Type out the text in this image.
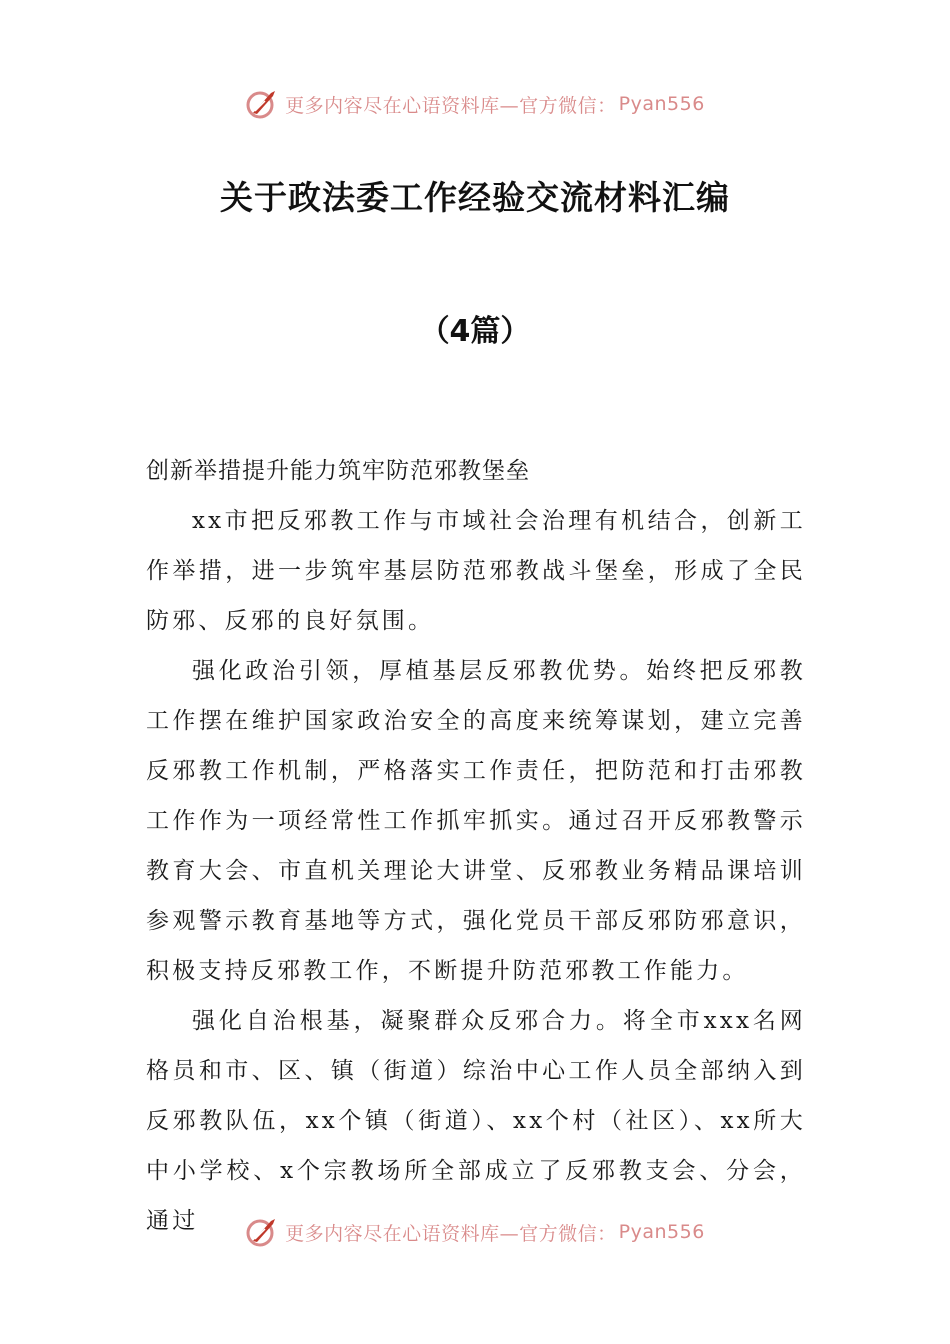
更多内容尽在心语资料库—官方微信： Pyan556
关于政法委工作经验交流材料汇编
（4篇）

创新举措提升能力筑牢防范邪教堡垒

xx市把反邪教工作与市域社会治理有机结合，创新工作举措，进一步筑牢基层防范邪教战斗堡垒，形成了全民防邪、反邪的良好氛围。

强化政治引领，厚植基层反邪教优势。始终把反邪教工作摆在维护国家政治安全的高度来统筹谋划，建立完善反邪教工作机制，严格落实工作责任，把防范和打击邪教工作作为一项经常性工作抓牢抓实。通过召开反邪教警示教育大会、市直机关理论大讲堂、反邪教业务精品课培训参观警示教育基地等方式，强化党员干部反邪防邪意识，积极支持反邪教工作，不断提升防范邪教工作能力。

强化自治根基，凝聚群众反邪合力。将全市xxx名网格员和市、区、镇（街道）综治中心工作人员全部纳入到反邪教队伍，xx个镇（街道）、xx个村（社区）、xx所大中小学校、x个宗教场所全部成立了反邪教支会、分会，通过	更多内容尽在心语资料库—官方微信： Pyan556
